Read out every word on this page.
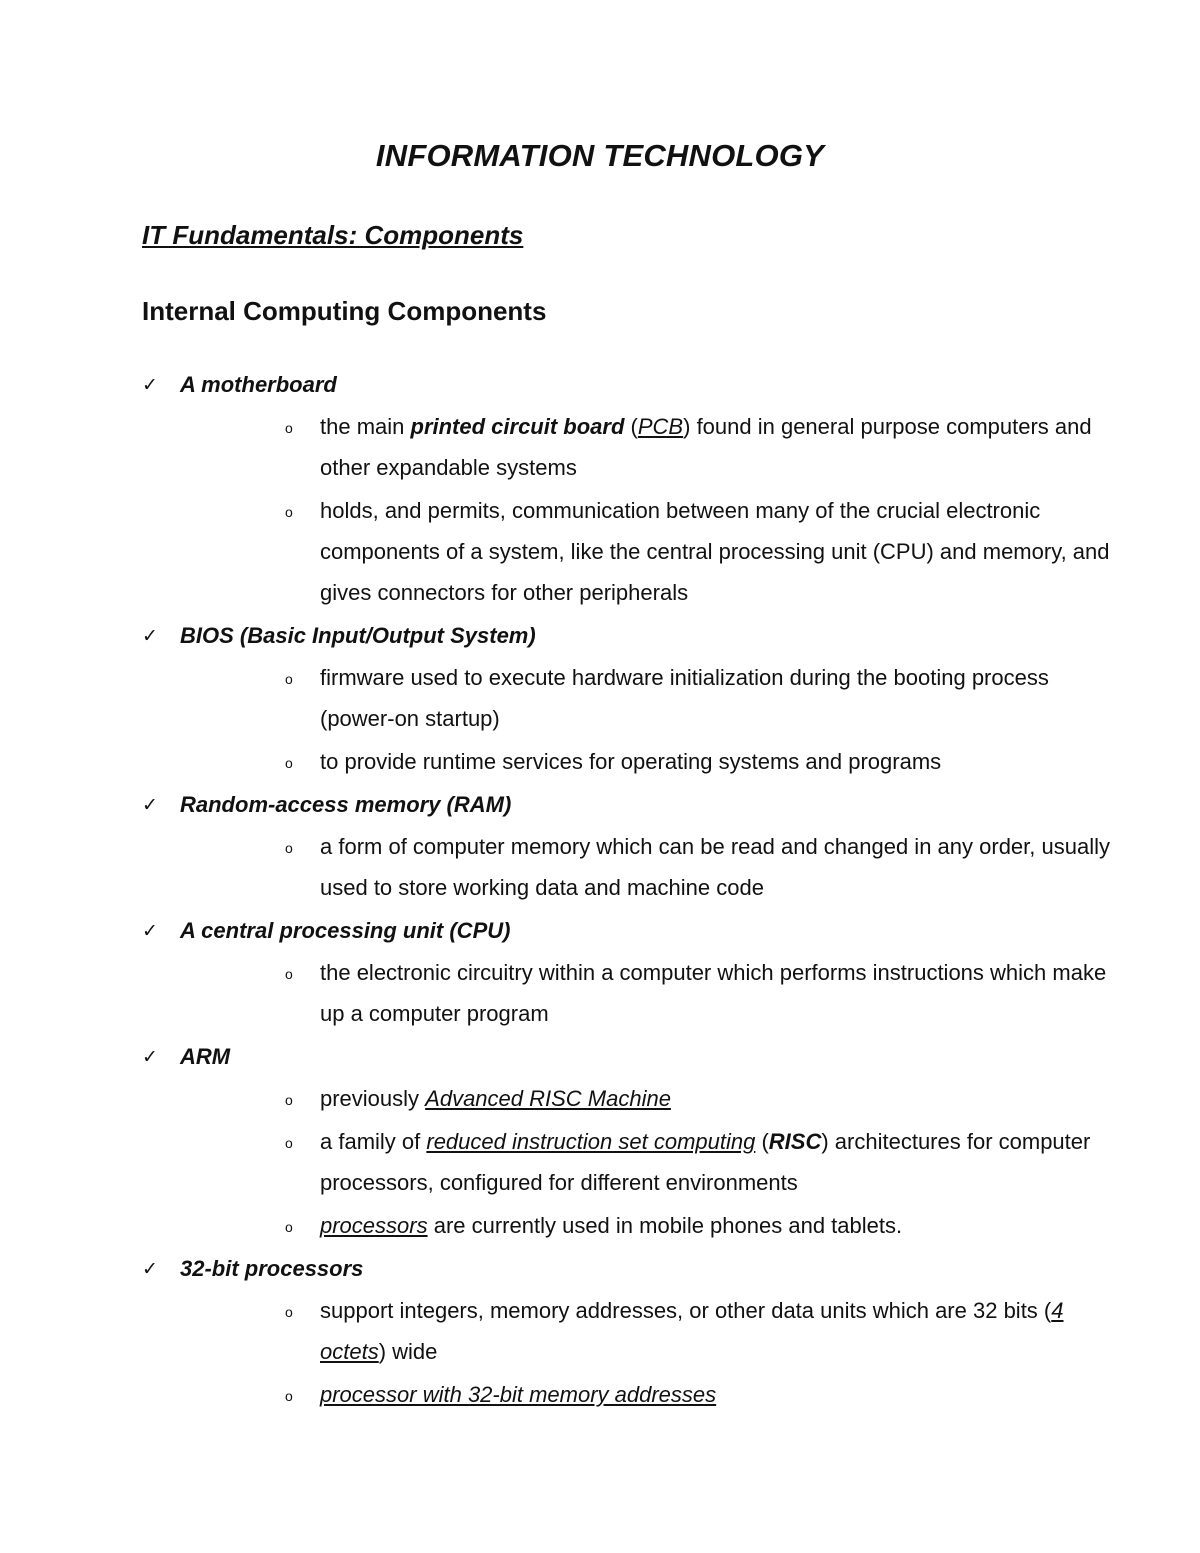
INFORMATION TECHNOLOGY
IT Fundamentals: Components
Internal Computing Components
✓	A motherboard

o the main printed circuit board (PCB) found in general purpose computers and other expandable systems

o holds, and permits, communication between many of the crucial electronic components of a system, like the central processing unit (CPU) and memory, and gives connectors for other peripherals

✓	BIOS (Basic Input/Output System)

o firmware used to execute hardware initialization during the booting process (power-on startup)

o to provide runtime services for operating systems and programs

✓	Random-access memory (RAM)

o a form of computer memory which can be read and changed in any order, usually used to store working data and machine code

✓	A central processing unit (CPU)

o the electronic circuitry within a computer which performs instructions which make up a computer program

✓	ARM

o previously Advanced RISC Machine

o a family of reduced instruction set computing (RISC) architectures for computer processors, configured for different environments

o processors are currently used in mobile phones and tablets.

✓	32-bit processors

o support integers, memory addresses, or other data units which are 32 bits (4 octets) wide

o processor with 32-bit memory addresses
